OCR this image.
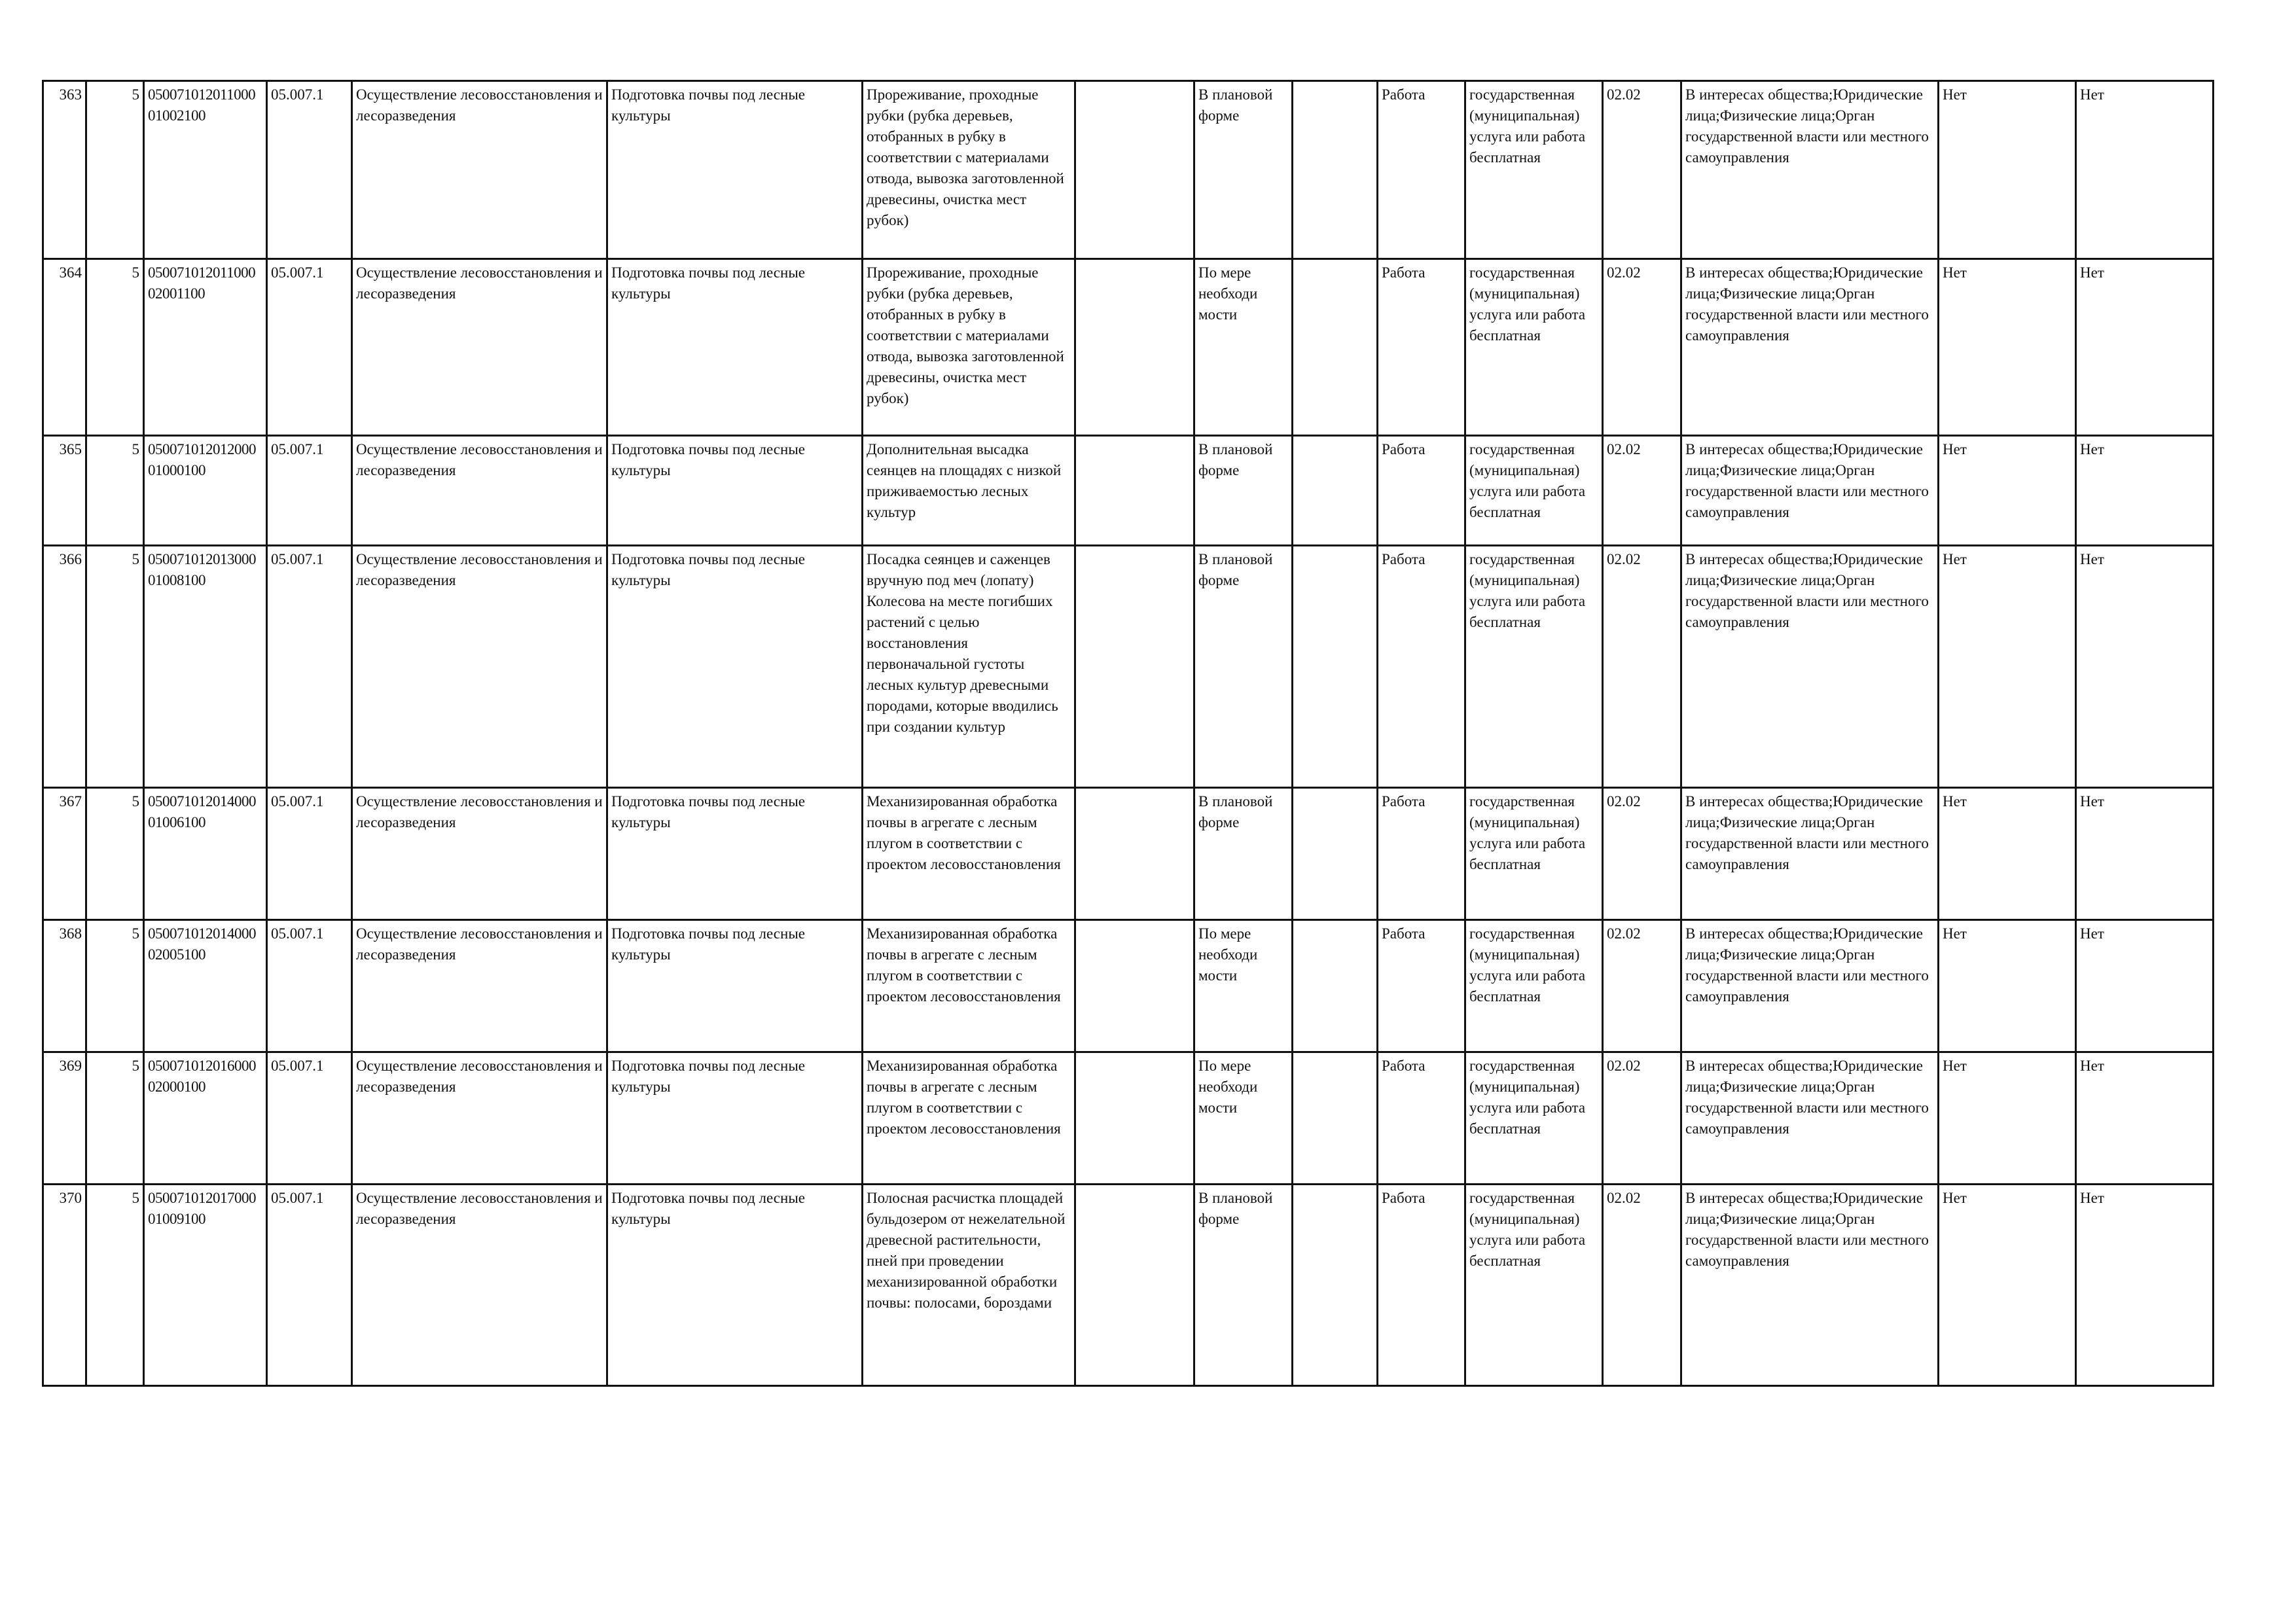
363	5	05007101201100001002100	05.007.1	Осуществление лесовосстановления и лесоразведения	Подготовка почвы под лесные культуры	Прореживание, проходные рубки (рубка деревьев, отобранных в рубку в соответствии с материалами отвода, вывозка заготовленной древесины, очистка мест рубок)		В плановой форме		Работа	государственная (муниципальная) услуга или работа бесплатная	02.02	В интересах общества;Юридические лица;Физические лица;Орган государственной власти или местного самоуправления	Нет	Нет
364	5	05007101201100002001100	05.007.1	Осуществление лесовосстановления и лесоразведения	Подготовка почвы под лесные культуры	Прореживание, проходные рубки (рубка деревьев, отобранных в рубку в соответствии с материалами отвода, вывозка заготовленной древесины, очистка мест рубок)		По мере необходи мости		Работа	государственная (муниципальная) услуга или работа бесплатная	02.02	В интересах общества;Юридические лица;Физические лица;Орган государственной власти или местного самоуправления	Нет	Нет
365	5	05007101201200001000100	05.007.1	Осуществление лесовосстановления и лесоразведения	Подготовка почвы под лесные культуры	Дополнительная высадка сеянцев на площадях с низкой приживаемостью лесных культур		В плановой форме		Работа	государственная (муниципальная) услуга или работа бесплатная	02.02	В интересах общества;Юридические лица;Физические лица;Орган государственной власти или местного самоуправления	Нет	Нет
366	5	05007101201300001008100	05.007.1	Осуществление лесовосстановления и лесоразведения	Подготовка почвы под лесные культуры	Посадка сеянцев и саженцев вручную под меч (лопату) Колесова на месте погибших растений с целью восстановления первоначальной густоты лесных культур древесными породами, которые вводились при создании культур		В плановой форме		Работа	государственная (муниципальная) услуга или работа бесплатная	02.02	В интересах общества;Юридические лица;Физические лица;Орган государственной власти или местного самоуправления	Нет	Нет
367	5	05007101201400001006100	05.007.1	Осуществление лесовосстановления и лесоразведения	Подготовка почвы под лесные культуры	Механизированная обработка почвы в агрегате с лесным плугом в соответствии с проектом лесовосстановления		В плановой форме		Работа	государственная (муниципальная) услуга или работа бесплатная	02.02	В интересах общества;Юридические лица;Физические лица;Орган государственной власти или местного самоуправления	Нет	Нет
368	5	05007101201400002005100	05.007.1	Осуществление лесовосстановления и лесоразведения	Подготовка почвы под лесные культуры	Механизированная обработка почвы в агрегате с лесным плугом в соответствии с проектом лесовосстановления		По мере необходи мости		Работа	государственная (муниципальная) услуга или работа бесплатная	02.02	В интересах общества;Юридические лица;Физические лица;Орган государственной власти или местного самоуправления	Нет	Нет
369	5	05007101201600002000100	05.007.1	Осуществление лесовосстановления и лесоразведения	Подготовка почвы под лесные культуры	Механизированная обработка почвы в агрегате с лесным плугом в соответствии с проектом лесовосстановления		По мере необходи мости		Работа	государственная (муниципальная) услуга или работа бесплатная	02.02	В интересах общества;Юридические лица;Физические лица;Орган государственной власти или местного самоуправления	Нет	Нет
370	5	05007101201700001009100	05.007.1	Осуществление лесовосстановления и лесоразведения	Подготовка почвы под лесные культуры	Полосная расчистка площадей бульдозером от нежелательной древесной растительности, пней при проведении механизированной обработки почвы: полосами, бороздами		В плановой форме		Работа	государственная (муниципальная) услуга или работа бесплатная	02.02	В интересах общества;Юридические лица;Физические лица;Орган государственной власти или местного самоуправления	Нет	Нет
